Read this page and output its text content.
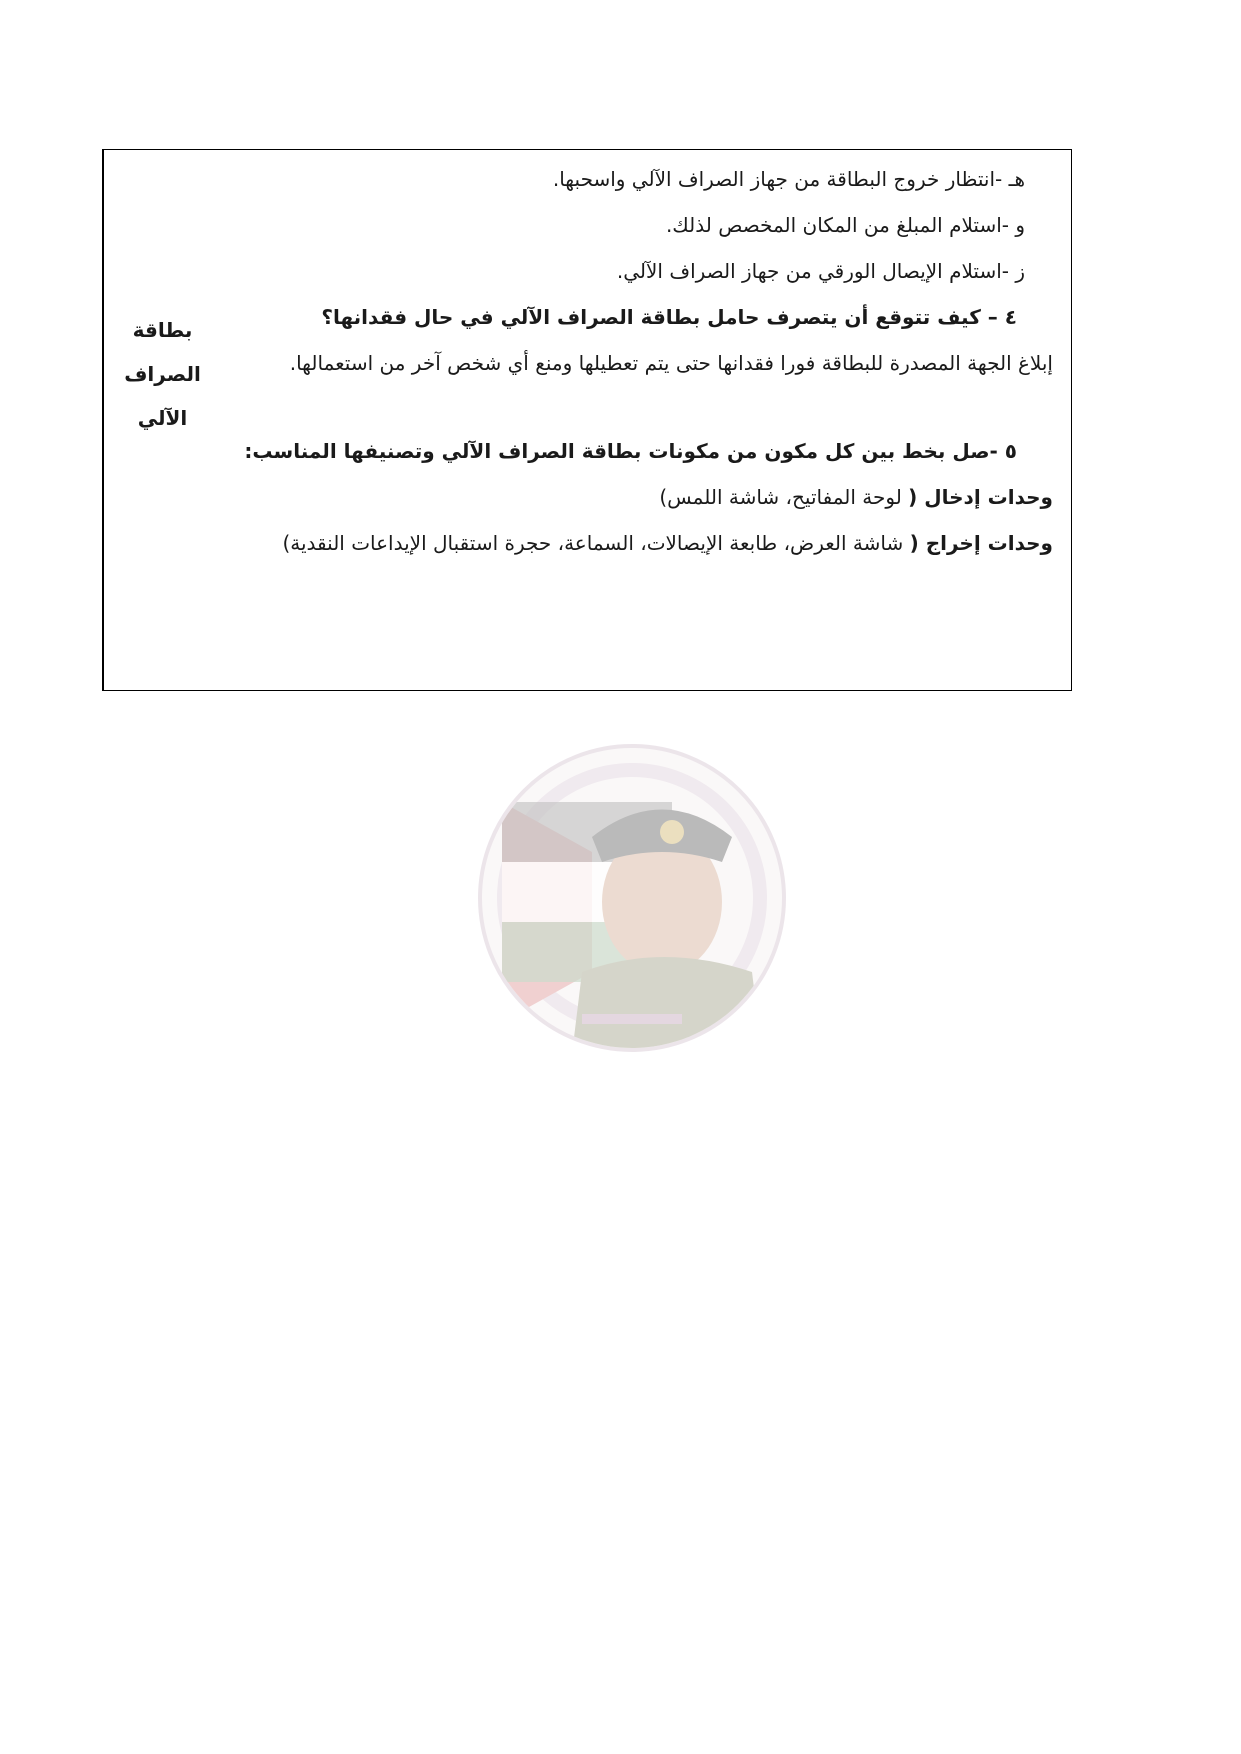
بطاقة
الصراف
الآلي
هـ -انتظار خروج البطاقة من جهاز الصراف الآلي واسحبها.
و -استلام المبلغ من المكان المخصص لذلك.
ز -استلام الإيصال الورقي من جهاز الصراف الآلي.
٤ – كيف تتوقع أن يتصرف حامل بطاقة الصراف الآلي في حال فقدانها؟
إبلاغ الجهة المصدرة للبطاقة فورا فقدانها حتى يتم تعطيلها ومنع أي شخص آخر من استعمالها.
٥ -صل بخط بين كل مكون من مكونات بطاقة الصراف الآلي وتصنيفها المناسب:
وحدات إدخال ( لوحة المفاتيح، شاشة اللمس)
وحدات إخراج ( شاشة العرض، طابعة الإيصالات، السماعة، حجرة استقبال الإيداعات النقدية)
